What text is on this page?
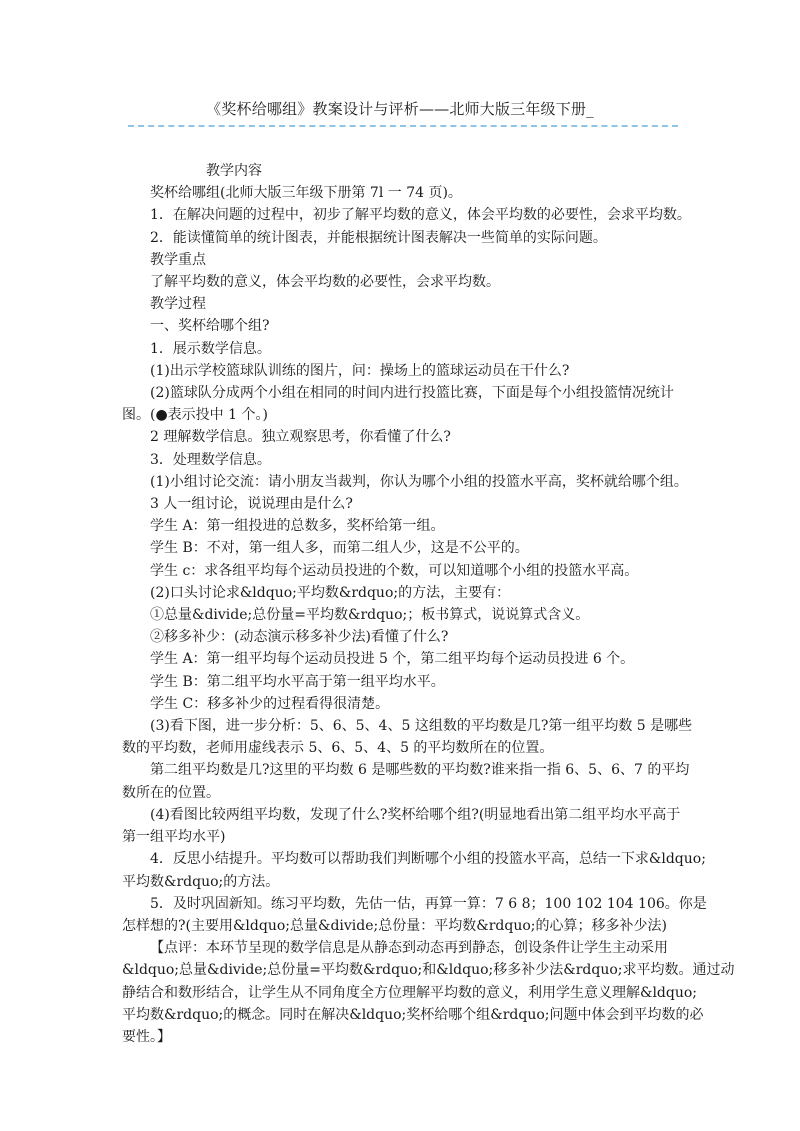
《奖杯给哪组》教案设计与评析——北师大版三年级下册_

教学内容

奖杯给哪组(北师大版三年级下册第 7l 一 74 页)。

1．在解决问题的过程中，初步了解平均数的意义，体会平均数的必要性，会求平均数。

2．能读懂简单的统计图表，并能根据统计图表解决一些简单的实际问题。

教学重点

了解平均数的意义，体会平均数的必要性，会求平均数。

教学过程

一、奖杯给哪个组?

1．展示数学信息。

(1)出示学校篮球队训练的图片，问：操场上的篮球运动员在干什么?

(2)篮球队分成两个小组在相同的时间内进行投篮比赛，下面是每个小组投篮情况统计

图。(●表示投中 1 个。)

2 理解数学信息。独立观察思考，你看懂了什么?

3．处理数学信息。

(1)小组讨论交流：请小朋友当裁判，你认为哪个小组的投篮水平高，奖杯就给哪个组。

3 人一组讨论，说说理由是什么?

学生 A：第一组投进的总数多，奖杯给第一组。

学生 B：不对，第一组人多，而第二组人少，这是不公平的。

学生 c：求各组平均每个运动员投进的个数，可以知道哪个小组的投篮水平高。

(2)口头讨论求&ldquo;平均数&rdquo;的方法，主要有：

①总量&divide;总份量=平均数&rdquo;；板书算式，说说算式含义。

②移多补少：(动态演示移多补少法)看懂了什么?

学生 A：第一组平均每个运动员投进 5 个，第二组平均每个运动员投进 6 个。

学生 B：第二组平均水平高于第一组平均水平。

学生 C：移多补少的过程看得很清楚。

(3)看下图，进一步分析：5、6、5、4、5 这组数的平均数是几?第一组平均数 5 是哪些

数的平均数，老师用虚线表示 5、6、5、4、5 的平均数所在的位置。

第二组平均数是几?这里的平均数 6 是哪些数的平均数?谁来指一指 6、5、6、7 的平均

数所在的位置。

(4)看图比较两组平均数，发现了什么?奖杯给哪个组?(明显地看出第二组平均水平高于

第一组平均水平)

4．反思小结提升。平均数可以帮助我们判断哪个小组的投篮水平高，总结一下求&ldquo;

平均数&rdquo;的方法。

5．及时巩固新知。练习平均数，先估一估，再算一算：7 6 8；100 102 104 106。你是

怎样想的?(主要用&ldquo;总量&divide;总份量：平均数&rdquo;的心算；移多补少法)

【点评：本环节呈现的数学信息是从静态到动态再到静态，创设条件让学生主动采用

&ldquo;总量&divide;总份量=平均数&rdquo;和&ldquo;移多补少法&rdquo;求平均数。通过动

静结合和数形结合，让学生从不同角度全方位理解平均数的意义，利用学生意义理解&ldquo;

平均数&rdquo;的概念。同时在解决&ldquo;奖杯给哪个组&rdquo;问题中体会到平均数的必

要性。】
